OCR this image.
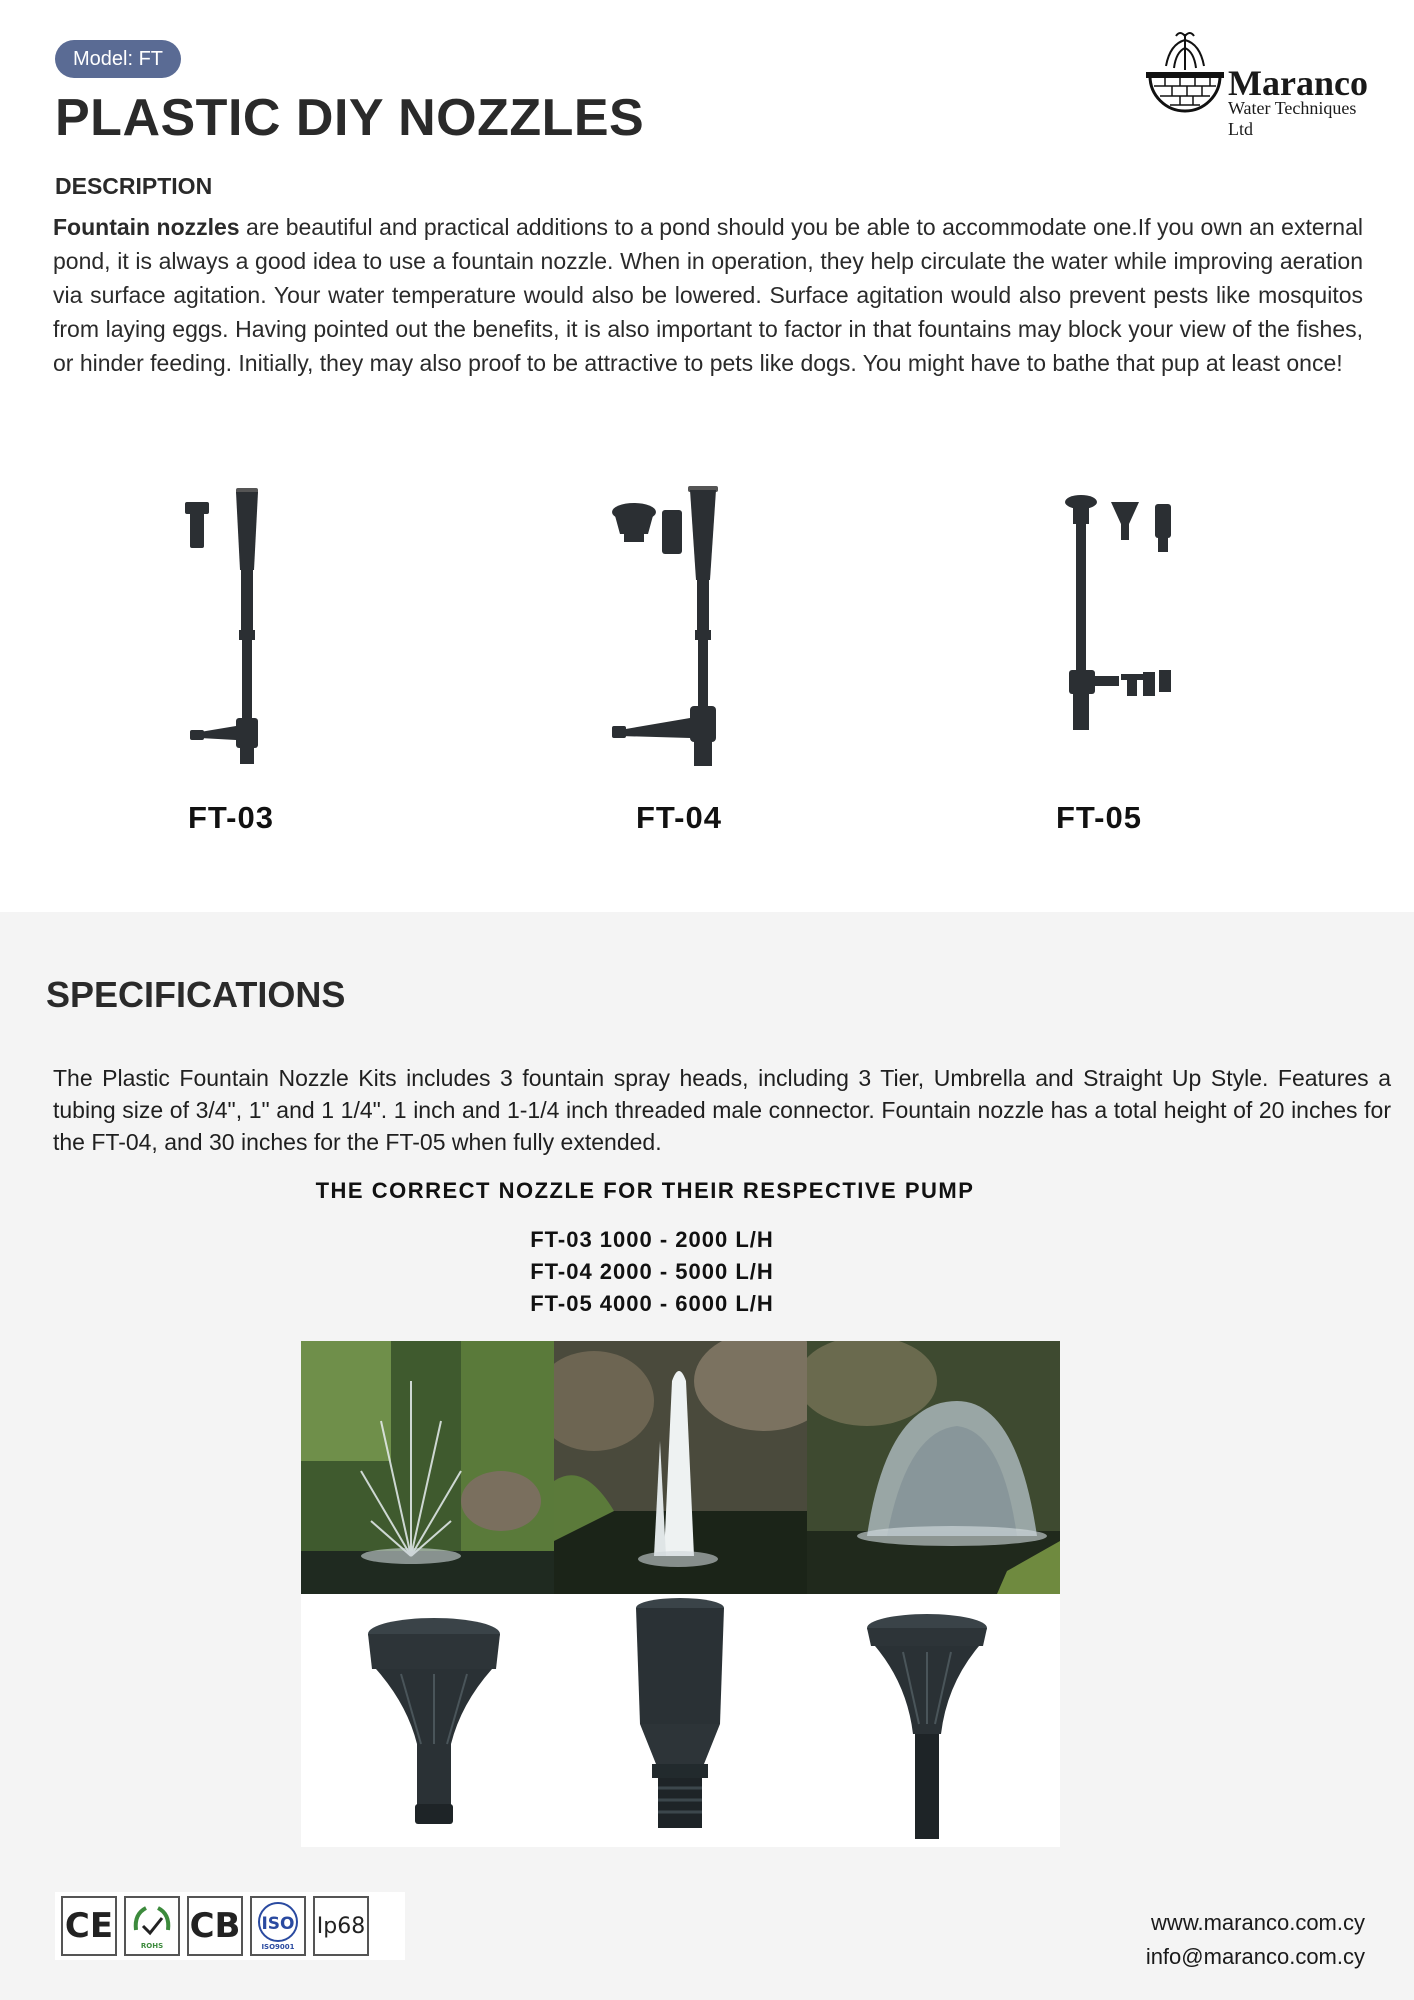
Model: FT
PLASTIC DIY NOZZLES
Maranco
Water Techniques Ltd
DESCRIPTION

Fountain nozzles are beautiful and practical additions to a pond should you be able to accommodate one.If you own an external pond, it is always a good idea to use a fountain nozzle. When in operation, they help circulate the water while improving aeration via surface agitation. Your water temperature would also be lowered. Surface agitation would also prevent pests like mosquitos from laying eggs. Having pointed out the benefits, it is also important to factor in that fountains may block your view of the fishes, or hinder feeding. Initially, they may also proof to be attractive to pets like dogs. You might have to bathe that pup at least once!

FT-03	FT-04	FT-05
SPECIFICATIONS

The Plastic Fountain Nozzle Kits includes 3 fountain spray heads, including 3 Tier, Umbrella and Straight Up Style. Features a tubing size of 3/4", 1" and 1 1/4". 1 inch and 1-1/4 inch threaded male connector. Fountain nozzle has a total height of 20 inches for the FT-04, and 30 inches for the FT-05 when fully extended.

THE CORRECT NOZZLE FOR THEIR RESPECTIVE PUMP
FT-03 1000 - 2000 L/H
FT-04 2000 - 5000 L/H
FT-05 4000 - 6000 L/H
CE	ROHS CB ISO
ISO9001
Ip68	www.maranco.com.cy
info@maranco.com.cy
